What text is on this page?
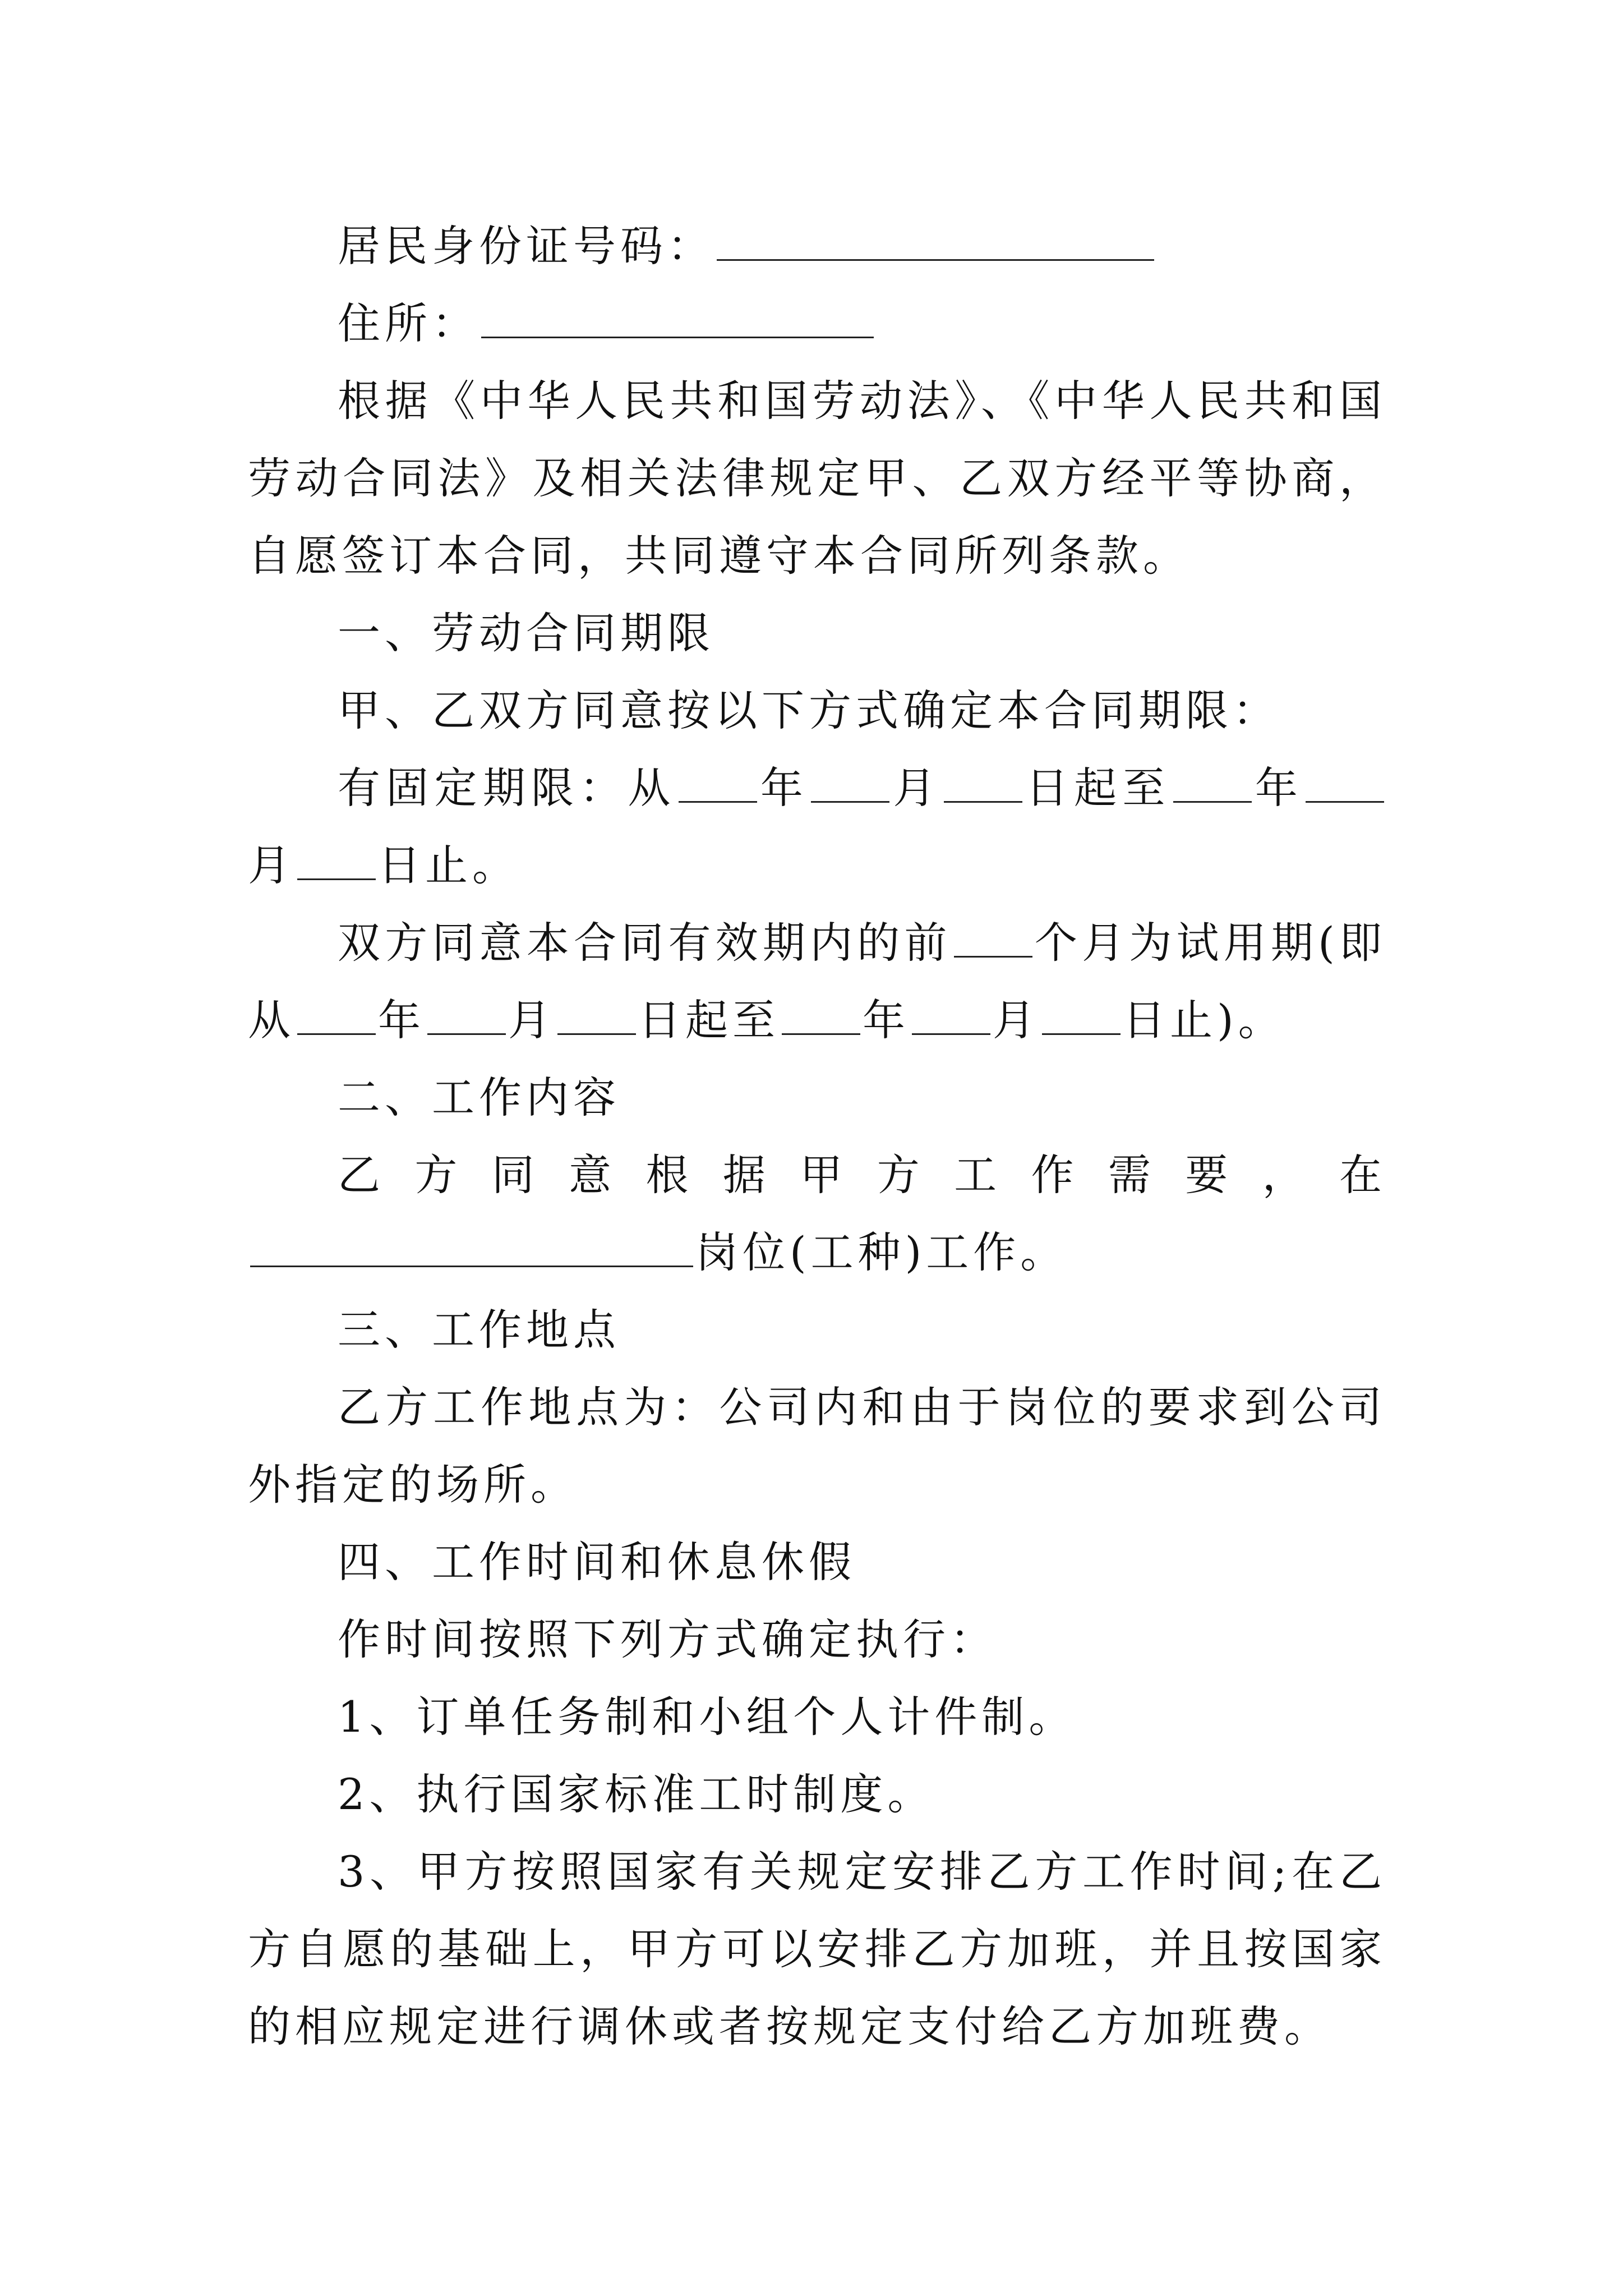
居民身份证号码：

住所：

根据《中华人民共和国劳动法》、《中华人民共和国劳动合同法》及相关法律规定甲、乙双方经平等协商，自愿签订本合同，共同遵守本合同所列条款。

一、劳动合同期限

甲、乙双方同意按以下方式确定本合同期限：

有固定期限：从 年 月 日起至 年月 日止。

双方同意本合同有效期内的前 个月为试用期(即从 年 月 日起至 年 月 日止)。

二、工作内容

乙方同意根据甲方工作需要，在岗位(工种)工作。

三、工作地点

乙方工作地点为：公司内和由于岗位的要求到公司外指定的场所。

四、工作时间和休息休假

作时间按照下列方式确定执行：

1、订单任务制和小组个人计件制。

2、执行国家标准工时制度。

3、甲方按照国家有关规定安排乙方工作时间;在乙方自愿的基础上，甲方可以安排乙方加班，并且按国家的相应规定进行调休或者按规定支付给乙方加班费。
